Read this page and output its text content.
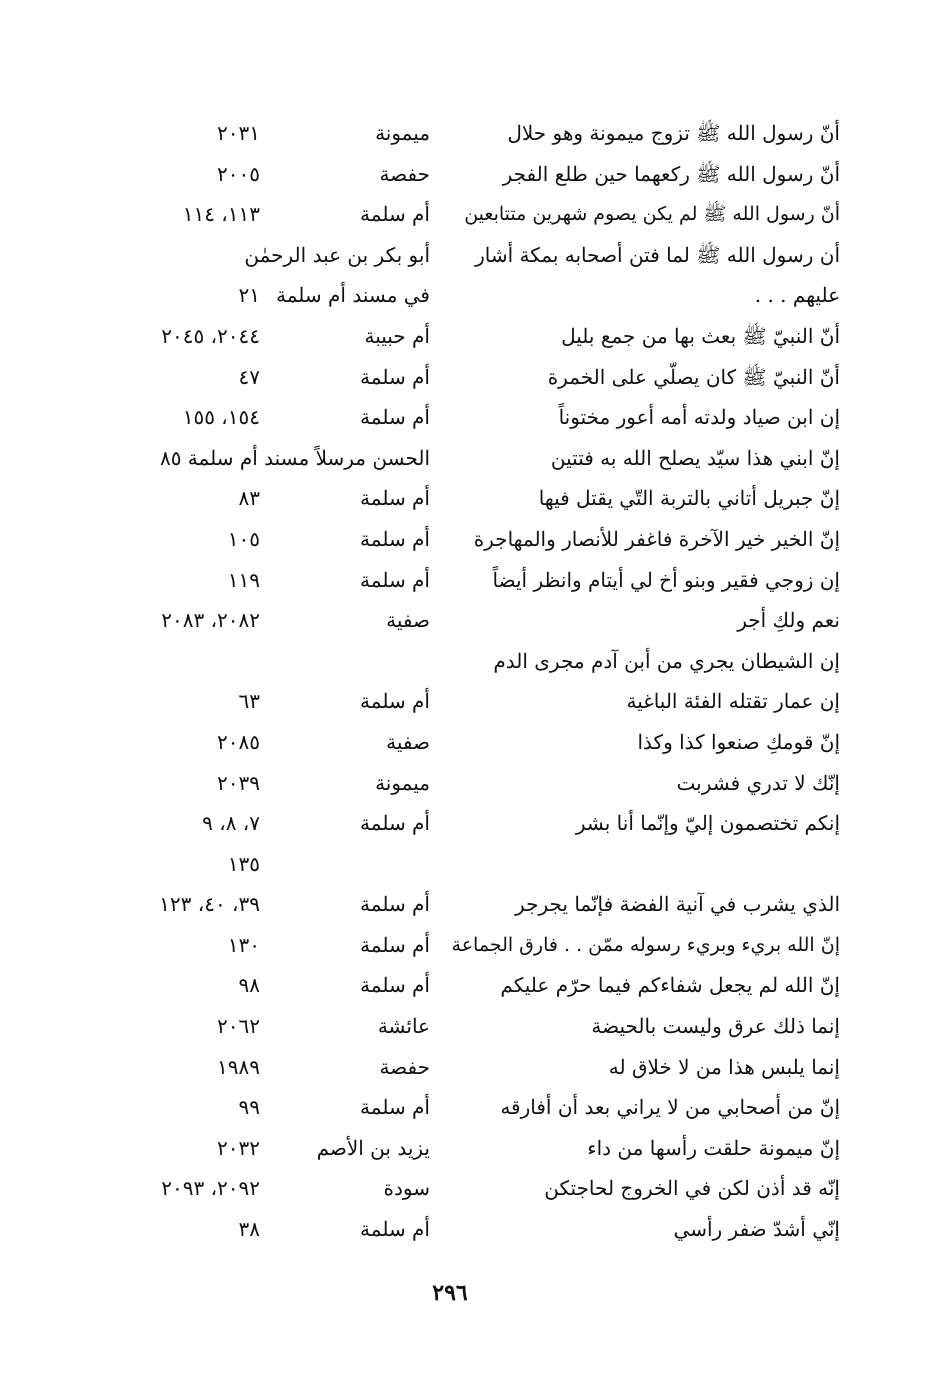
أنّ رسول الله ﷺ تزوج ميمونة وهو حلال
ميمونة
٢٠٣١
أنّ رسول الله ﷺ ركعهما حين طلع الفجر
حفصة
٢٠٠٥
أنّ رسول الله ﷺ لم يكن يصوم شهرين متتابعين
أم سلمة
١١٣، ١١٤
أن رسول الله ﷺ لما فتن أصحابه بمكة أشار
أبو بكر بن عبد الرحمٰن
عليهم . . .
في مسند أم سلمة
٢١
أنّ النبيّ ﷺ بعث بها من جمع بليل
أم حبيبة
٢٠٤٤، ٢٠٤٥
أنّ النبيّ ﷺ كان يصلّي على الخمرة
أم سلمة
٤٧
إن ابن صياد ولدته أمه أعور مختوناً
أم سلمة
١٥٤، ١٥٥
إنّ ابني هذا سيّد يصلح الله به فتتين
الحسن مرسلاً مسند أم سلمة ٨٥
إنّ جبريل أتاني بالتربة التّي يقتل فيها
أم سلمة
٨٣
إنّ الخير خير الآخرة فاغفر للأنصار والمهاجرة
أم سلمة
١٠٥
إن زوجي فقير وبنو أخ لي أيتام وانظر أيضاً
أم سلمة
١١٩
نعم ولكِ أجر
صفية
٢٠٨٢، ٢٠٨٣
إن الشيطان يجري من أبن آدم مجرى الدم
إن عمار تقتله الفئة الباغية
أم سلمة
٦٣
إنّ قومكِ صنعوا كذا وكذا
صفية
٢٠٨٥
إنّك لا تدري فشربت
ميمونة
٢٠٣٩
إنكم تختصمون إليّ وإنّما أنا بشر
أم سلمة
٧، ٨، ٩
١٣٥
الذي يشرب في آنية الفضة فإنّما يجرجر
أم سلمة
٣٩، ٤٠، ١٢٣
إنّ الله بريء وبريء رسوله ممّن . . فارق الجماعة
أم سلمة
١٣٠
إنّ الله لم يجعل شفاءكم فيما حرّم عليكم
أم سلمة
٩٨
إنما ذلك عرق وليست بالحيضة
عائشة
٢٠٦٢
إنما يلبس هذا من لا خلاق له
حفصة
١٩٨٩
إنّ من أصحابي من لا يراني بعد أن أفارقه
أم سلمة
٩٩
إنّ ميمونة حلقت رأسها من داء
يزيد بن الأصم
٢٠٣٢
إنّه قد أذن لكن في الخروج لحاجتكن
سودة
٢٠٩٢، ٢٠٩٣
إنّي أشدّ ضفر رأسي
أم سلمة
٣٨
٢٩٦
